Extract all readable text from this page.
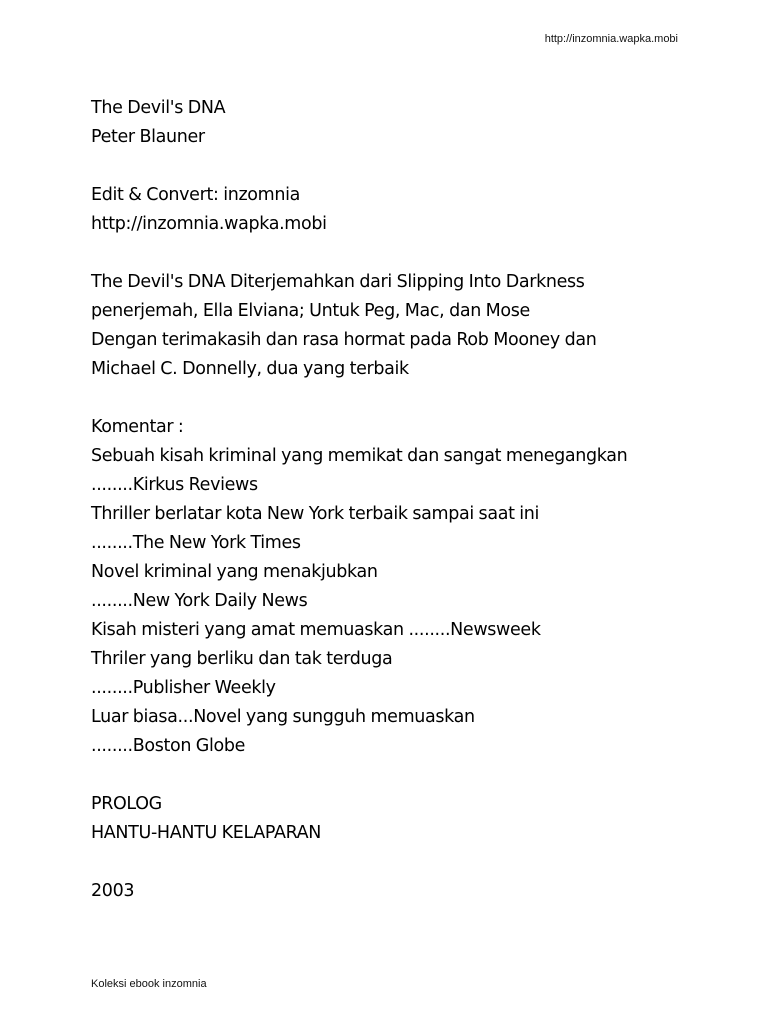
http://inzomnia.wapka.mobi
The Devil's DNA
Peter Blauner
Edit & Convert: inzomnia
http://inzomnia.wapka.mobi
The Devil's DNA Diterjemahkan dari Slipping Into Darkness
penerjemah, Ella Elviana; Untuk Peg, Mac, dan Mose
Dengan terimakasih dan rasa hormat pada Rob Mooney dan
Michael C. Donnelly, dua yang terbaik
Komentar :
Sebuah kisah kriminal yang memikat dan sangat menegangkan
........Kirkus Reviews
Thriller berlatar kota New York terbaik sampai saat ini
........The New York Times
Novel kriminal yang menakjubkan
........New York Daily News
Kisah misteri yang amat memuaskan ........Newsweek
Thriler yang berliku dan tak terduga
........Publisher Weekly
Luar biasa...Novel yang sungguh memuaskan
........Boston Globe
PROLOG
HANTU-HANTU KELAPARAN
2003
Koleksi ebook inzomnia
